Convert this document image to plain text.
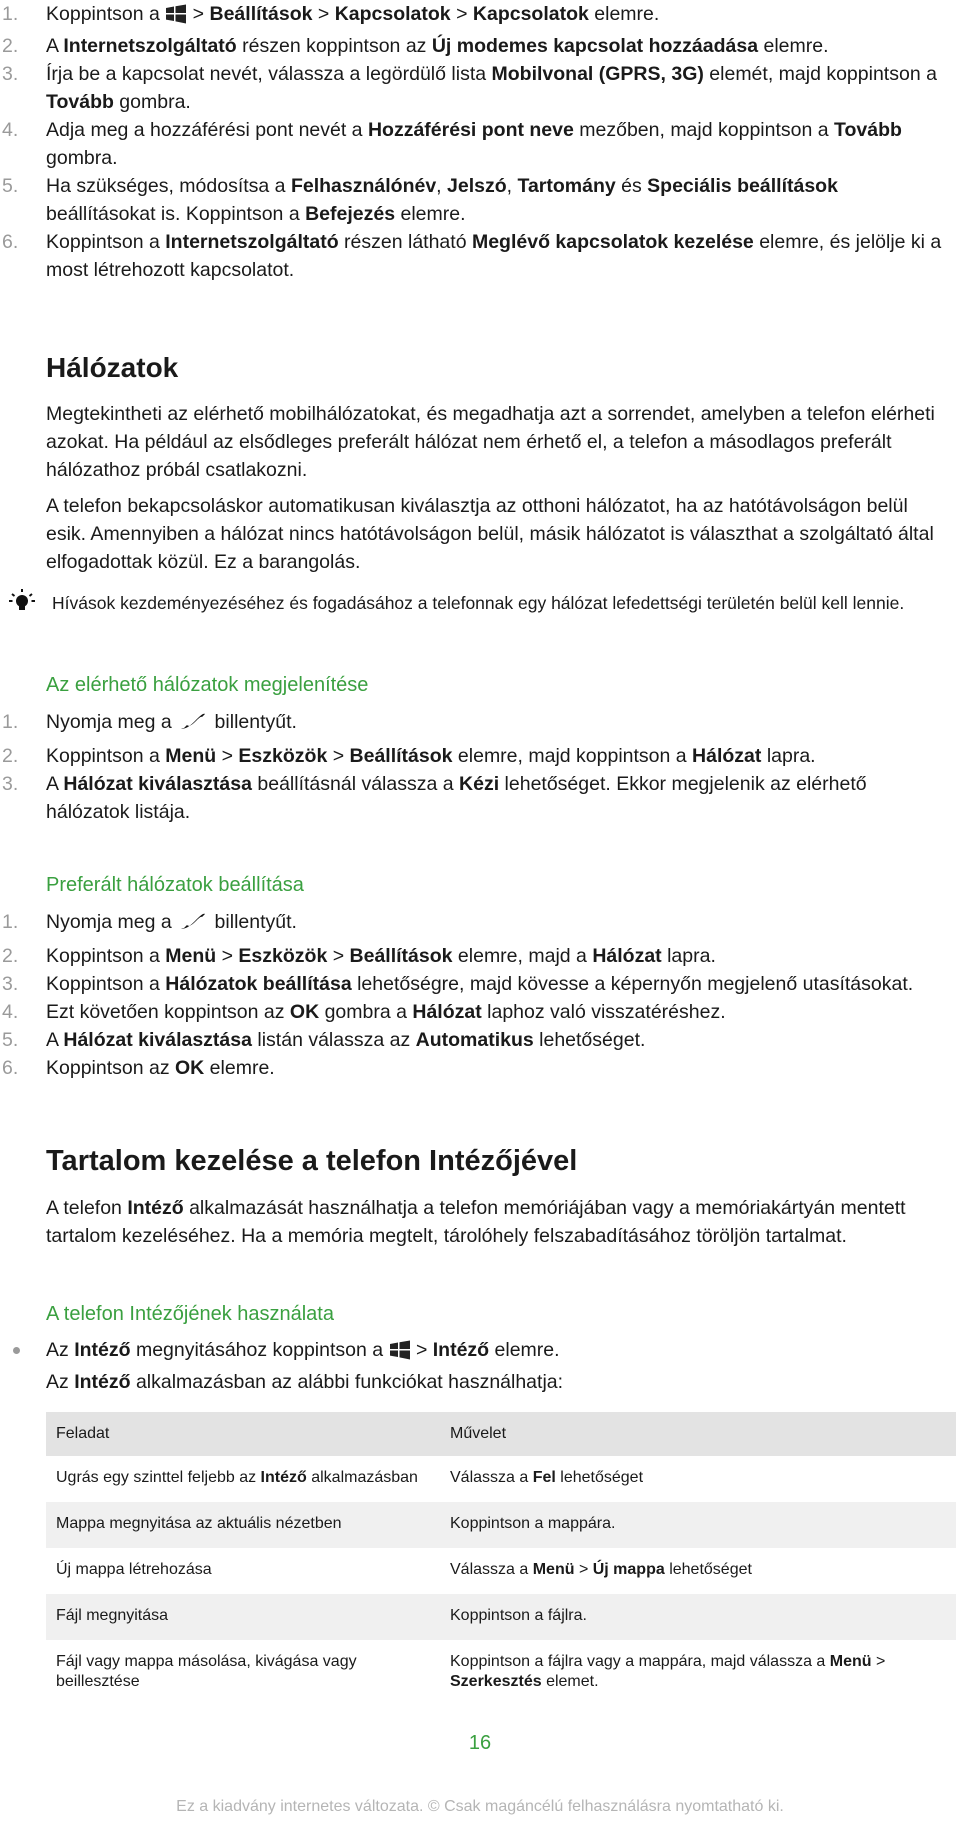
1. Koppintson a  > Beállítások > Kapcsolatok > Kapcsolatok elemre.
2. A Internetszolgáltató részen koppintson az Új modemes kapcsolat hozzáadása elemre.
3. Írja be a kapcsolat nevét, válassza a legördülő lista Mobilvonal (GPRS, 3G) elemét, majd koppintson a Tovább gombra.
4. Adja meg a hozzáférési pont nevét a Hozzáférési pont neve mezőben, majd koppintson a Tovább gombra.
5. Ha szükséges, módosítsa a Felhasználónév, Jelszó, Tartomány és Speciális beállítások beállításokat is. Koppintson a Befejezés elemre.
6. Koppintson a Internetszolgáltató részen látható Meglévő kapcsolatok kezelése elemre, és jelölje ki a most létrehozott kapcsolatot.
Hálózatok

Megtekintheti az elérhető mobilhálózatokat, és megadhatja azt a sorrendet, amelyben a telefon elérheti azokat. Ha például az elsődleges preferált hálózat nem érhető el, a telefon a másodlagos preferált hálózathoz próbál csatlakozni.

A telefon bekapcsoláskor automatikusan kiválasztja az otthoni hálózatot, ha az hatótávolságon belül esik. Amennyiben a hálózat nincs hatótávolságon belül, másik hálózatot is választhat a szolgáltató által elfogadottak közül. Ez a barangolás.

Hívások kezdeményezéséhez és fogadásához a telefonnak egy hálózat lefedettségi területén belül kell lennie.
Az elérhető hálózatok megjelenítése
1. Nyomja meg a  billentyűt.
2. Koppintson a Menü > Eszközök > Beállítások elemre, majd koppintson a Hálózat lapra.
3. A Hálózat kiválasztása beállításnál válassza a Kézi lehetőséget. Ekkor megjelenik az elérhető hálózatok listája.
Preferált hálózatok beállítása
1. Nyomja meg a  billentyűt.
2. Koppintson a Menü > Eszközök > Beállítások elemre, majd a Hálózat lapra.
3. Koppintson a Hálózatok beállítása lehetőségre, majd kövesse a képernyőn megjelenő utasításokat.
4. Ezt követően koppintson az OK gombra a Hálózat laphoz való visszatéréshez.
5. A Hálózat kiválasztása listán válassza az Automatikus lehetőséget.
6. Koppintson az OK elemre.
Tartalom kezelése a telefon Intézőjével

A telefon Intéző alkalmazását használhatja a telefon memóriájában vagy a memóriakártyán mentett tartalom kezeléséhez. Ha a memória megtelt, tárolóhely felszabadításához töröljön tartalmat.

A telefon Intézőjének használata
Az Intéző megnyitásához koppintson a  > Intéző elemre.
Az Intéző alkalmazásban az alábbi funkciókat használhatja:
Feladat	Művelet
Ugrás egy szinttel feljebb az Intéző alkalmazásban	Válassza a Fel lehetőséget
Mappa megnyitása az aktuális nézetben	Koppintson a mappára.
Új mappa létrehozása	Válassza a Menü > Új mappa lehetőséget
Fájl megnyitása	Koppintson a fájlra.
Fájl vagy mappa másolása, kivágása vagy beillesztése	Koppintson a fájlra vagy a mappára, majd válassza a Menü > Szerkesztés elemet.
16
Ez a kiadvány internetes változata. © Csak magáncélú felhasználásra nyomtatható ki.
